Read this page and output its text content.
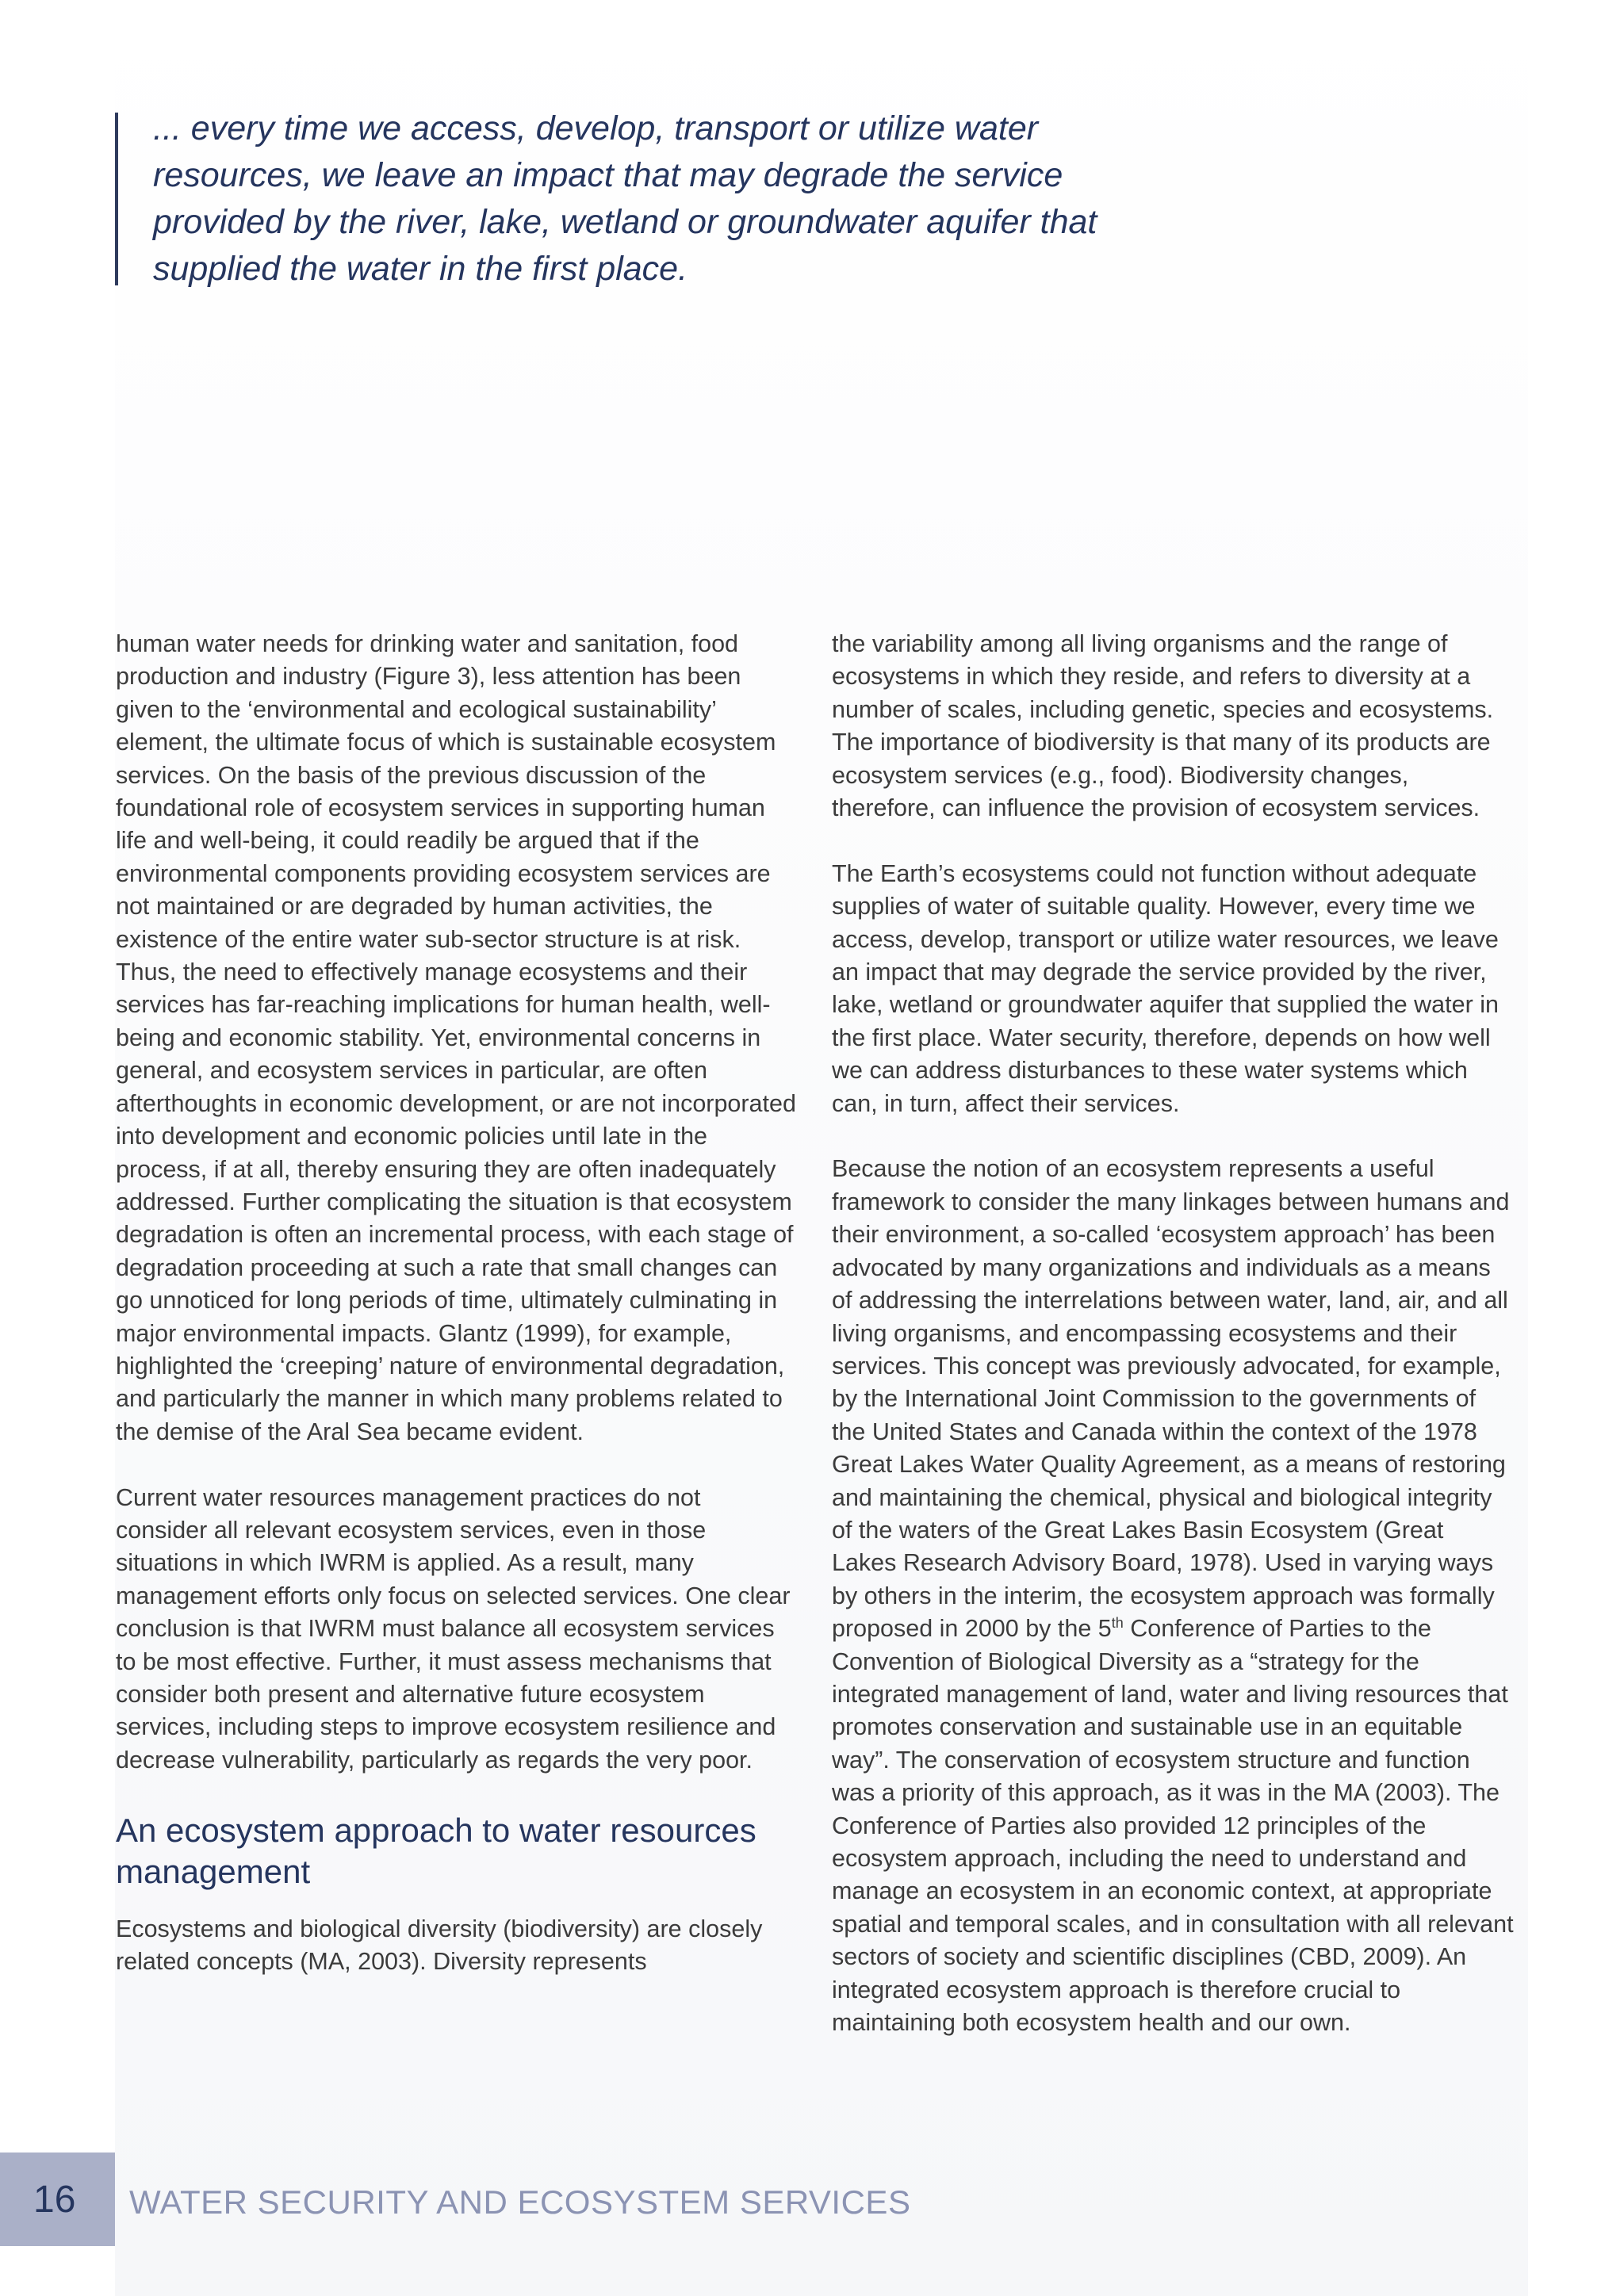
... every time we access, develop, transport or utilize water resources, we leave an impact that may degrade the service provided by the river, lake, wetland or groundwater aquifer that supplied the water in the first place.

human water needs for drinking water and sanitation, food production and industry (Figure 3), less attention has been given to the ‘environmental and ecological sustainability’ element, the ultimate focus of which is sustainable ecosystem services. On the basis of the previous discussion of the foundational role of ecosystem services in supporting human life and well-being, it could readily be argued that if the environmental components providing ecosystem services are not maintained or are degraded by human activities, the existence of the entire water sub-sector structure is at risk. Thus, the need to effectively manage ecosystems and their services has far-reaching implications for human health, well-being and economic stability. Yet, environmental concerns in general, and ecosystem services in particular, are often afterthoughts in economic development, or are not incorporated into development and economic policies until late in the process, if at all, thereby ensuring they are often inadequately addressed. Further complicating the situation is that ecosystem degradation is often an incremental process, with each stage of degradation proceeding at such a rate that small changes can go unnoticed for long periods of time, ultimately culminating in major environmental impacts. Glantz (1999), for example, highlighted the ‘creeping’ nature of environmental degradation, and particularly the manner in which many problems related to the demise of the Aral Sea became evident.

Current water resources management practices do not consider all relevant ecosystem services, even in those situations in which IWRM is applied. As a result, many management efforts only focus on selected services. One clear conclusion is that IWRM must balance all ecosystem services to be most effective. Further, it must assess mechanisms that consider both present and alternative future ecosystem services, including steps to improve ecosystem resilience and decrease vulnerability, particularly as regards the very poor.

An ecosystem approach to water resources management

Ecosystems and biological diversity (biodiversity) are closely related concepts (MA, 2003). Diversity represents

the variability among all living organisms and the range of ecosystems in which they reside, and refers to diversity at a number of scales, including genetic, species and ecosystems. The importance of biodiversity is that many of its products are ecosystem services (e.g., food). Biodiversity changes, therefore, can influence the provision of ecosystem services.

The Earth’s ecosystems could not function without adequate supplies of water of suitable quality. However, every time we access, develop, transport or utilize water resources, we leave an impact that may degrade the service provided by the river, lake, wetland or groundwater aquifer that supplied the water in the first place. Water security, therefore, depends on how well we can address disturbances to these water systems which can, in turn, affect their services.

Because the notion of an ecosystem represents a useful framework to consider the many linkages between humans and their environment, a so-called ‘ecosystem approach’ has been advocated by many organizations and individuals as a means of addressing the interrelations between water, land, air, and all living organisms, and encompassing ecosystems and their services. This concept was previously advocated, for example, by the International Joint Commission to the governments of the United States and Canada within the context of the 1978 Great Lakes Water Quality Agreement, as a means of restoring and maintaining the chemical, physical and biological integrity of the waters of the Great Lakes Basin Ecosystem (Great Lakes Research Advisory Board, 1978). Used in varying ways by others in the interim, the ecosystem approach was formally proposed in 2000 by the 5th Conference of Parties to the Convention of Biological Diversity as a “strategy for the integrated management of land, water and living resources that promotes conservation and sustainable use in an equitable way”. The conservation of ecosystem structure and function was a priority of this approach, as it was in the MA (2003). The Conference of Parties also provided 12 principles of the ecosystem approach, including the need to understand and manage an ecosystem in an economic context, at appropriate spatial and temporal scales, and in consultation with all relevant sectors of society and scientific disciplines (CBD, 2009). An integrated ecosystem approach is therefore crucial to maintaining both ecosystem health and our own.

16 WATER SECURITY AND ECOSYSTEM SERVICES
